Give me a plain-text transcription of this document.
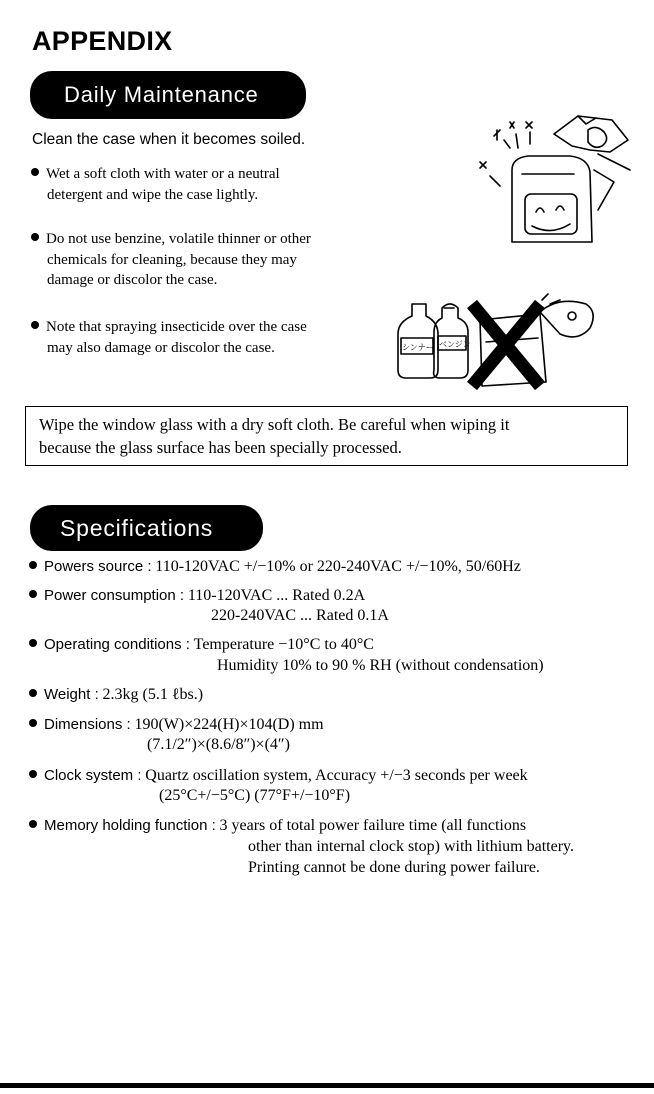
APPENDIX
Daily Maintenance
Clean the case when it becomes soiled.
Wet a soft cloth with water or a neutral
detergent and wipe the case lightly.
Do not use benzine, volatile thinner or other
chemicals for cleaning, because they may
damage or discolor the case.
Note that spraying insecticide over the case
may also damage or discolor the case.	シンナー ベンジン
Wipe the window glass with a dry soft cloth. Be careful when wiping it
because the glass surface has been specially processed.
Specifications
Powers source : 110-120VAC +/−10% or 220-240VAC +/−10%, 50/60Hz
Power consumption : 110-120VAC ... Rated 0.2A
220-240VAC ... Rated 0.1A
Operating conditions : Temperature −10°C to 40°C
Humidity 10% to 90 % RH (without condensation)
Weight : 2.3kg (5.1 ℓbs.)
Dimensions : 190(W)×224(H)×104(D) mm
(7.1/2″)×(8.6/8″)×(4″)
Clock system : Quartz oscillation system, Accuracy +/−3 seconds per week
(25°C+/−5°C) (77°F+/−10°F)
Memory holding function : 3 years of total power failure time (all functions
other than internal clock stop) with lithium battery.
Printing cannot be done during power failure.
